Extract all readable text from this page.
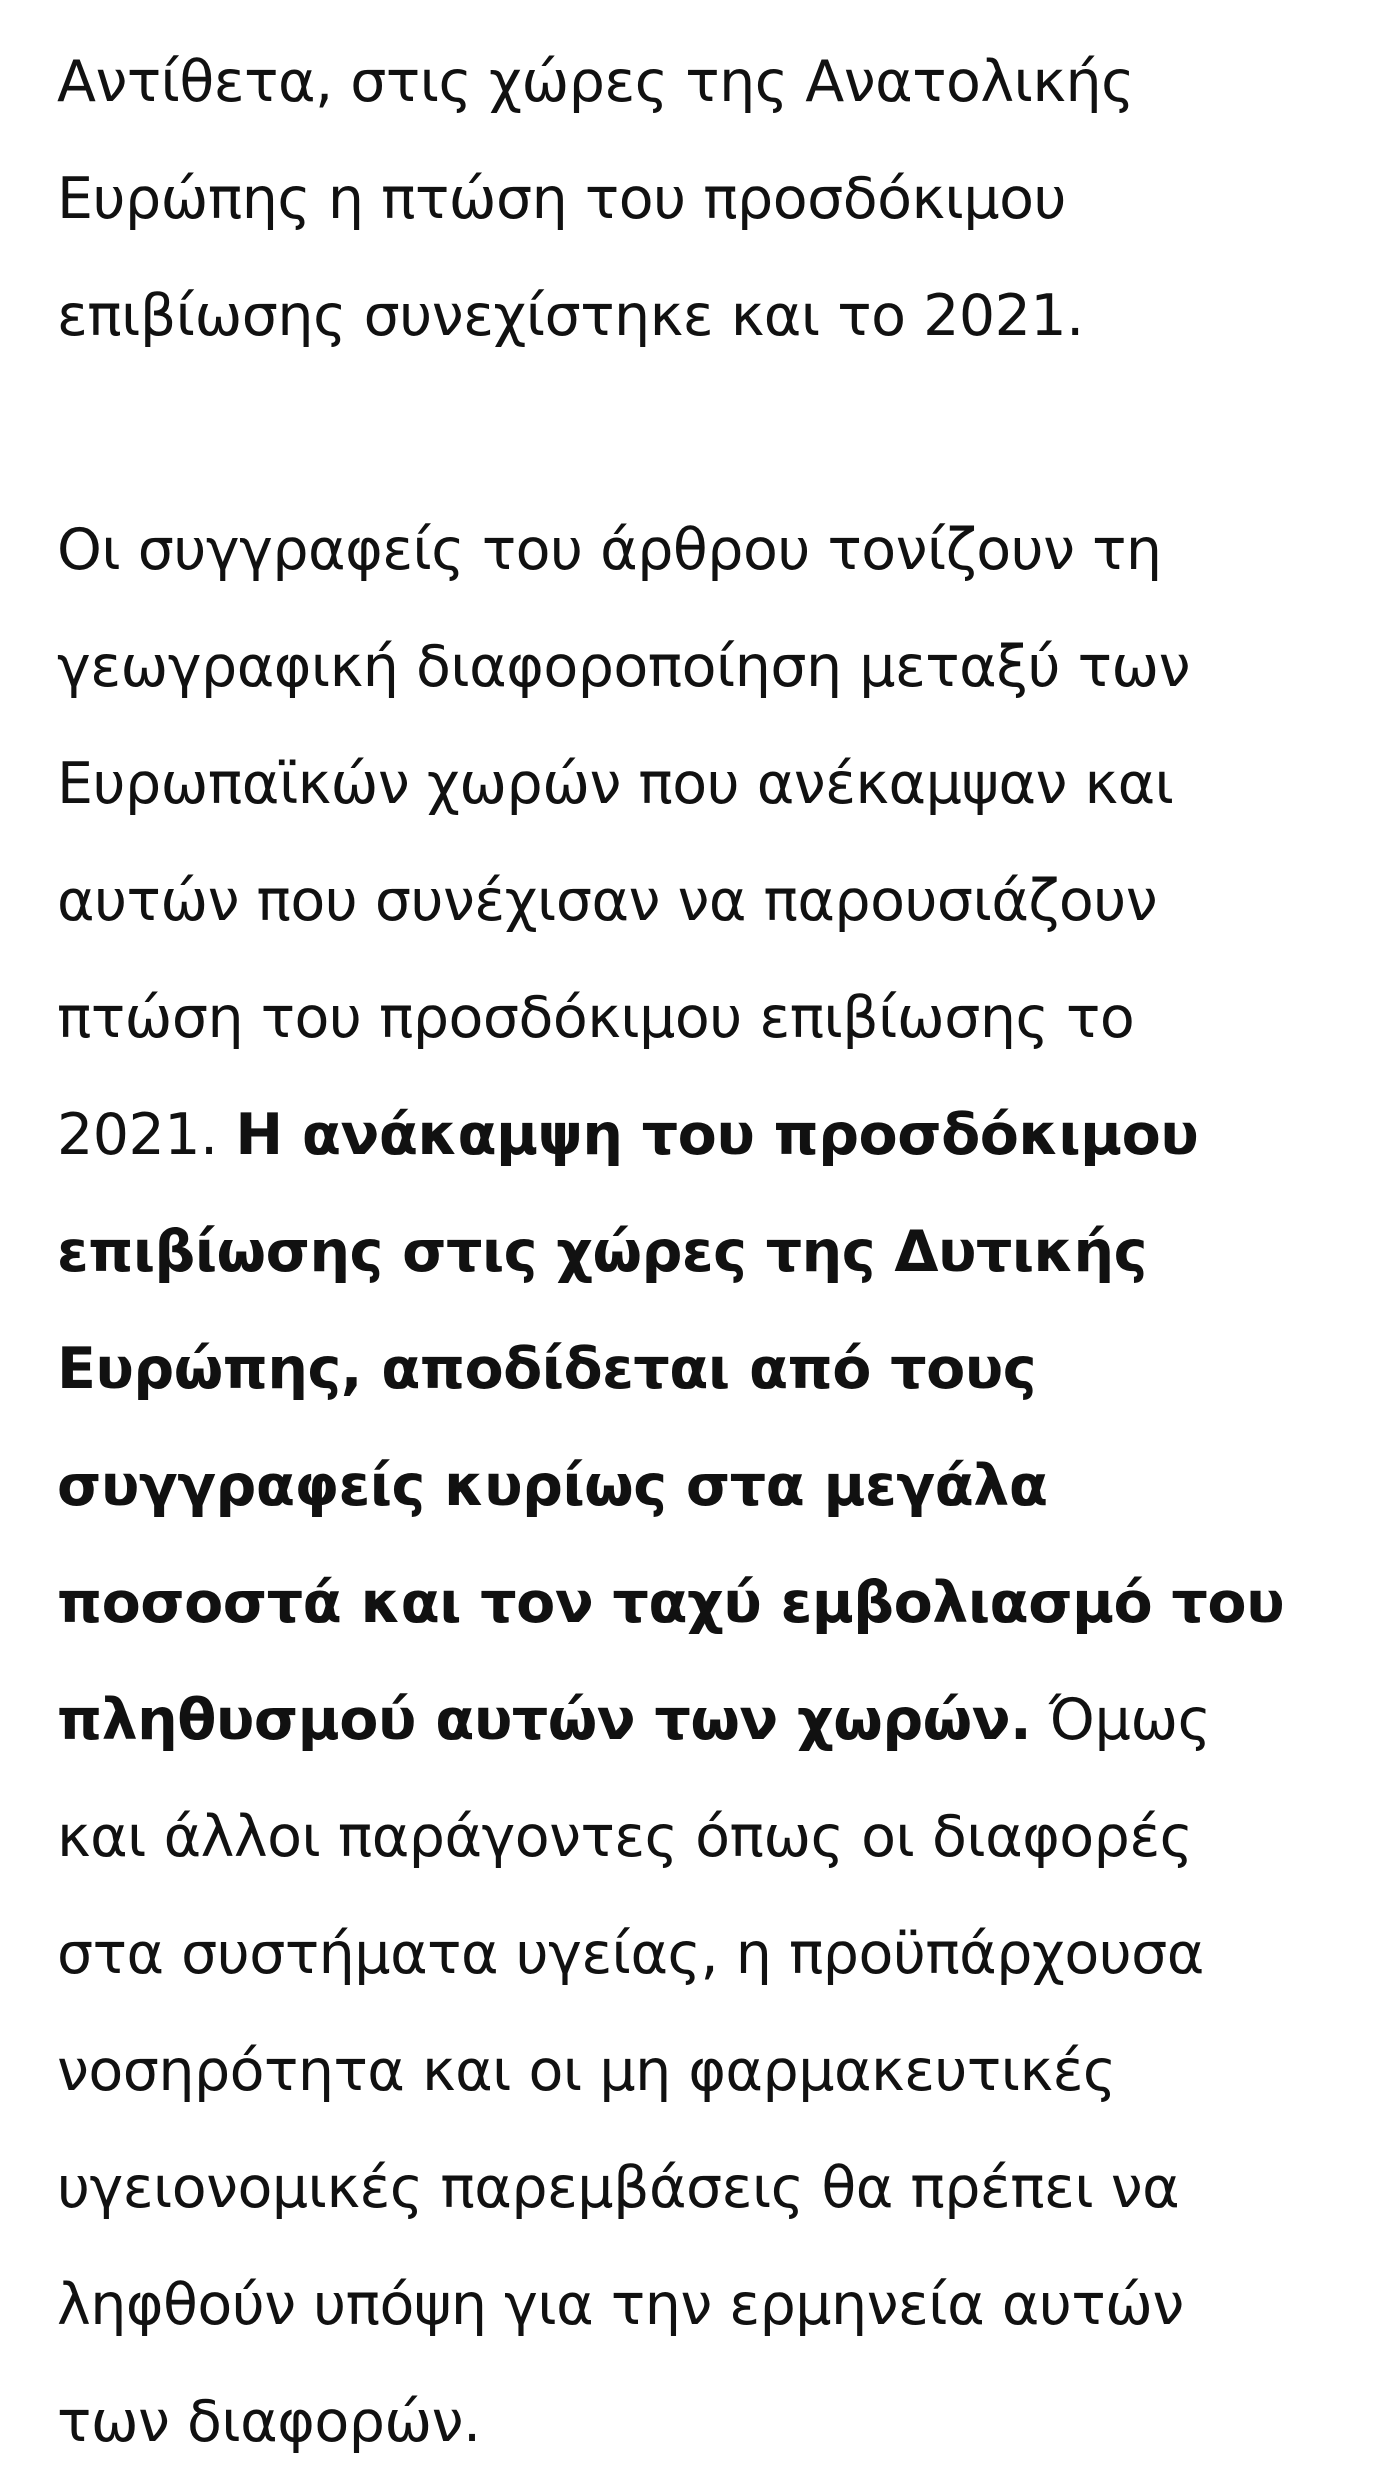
Αντίθετα, στις χώρες της Ανατολικής
Ευρώπης η πτώση του προσδόκιμου
επιβίωσης συνεχίστηκε και το 2021.

Οι συγγραφείς του άρθρου τονίζουν τη
γεωγραφική διαφοροποίηση μεταξύ των
Ευρωπαϊκών χωρών που ανέκαμψαν και
αυτών που συνέχισαν να παρουσιάζουν
πτώση του προσδόκιμου επιβίωσης το
2021. Η ανάκαμψη του προσδόκιμου
επιβίωσης στις χώρες της Δυτικής
Ευρώπης, αποδίδεται από τους
συγγραφείς κυρίως στα μεγάλα
ποσοστά και τον ταχύ εμβολιασμό του
πληθυσμού αυτών των χωρών. Όμως
και άλλοι παράγοντες όπως οι διαφορές
στα συστήματα υγείας, η προϋπάρχουσα
νοσηρότητα και οι μη φαρμακευτικές
υγειονομικές παρεμβάσεις θα πρέπει να
ληφθούν υπόψη για την ερμηνεία αυτών
των διαφορών.
